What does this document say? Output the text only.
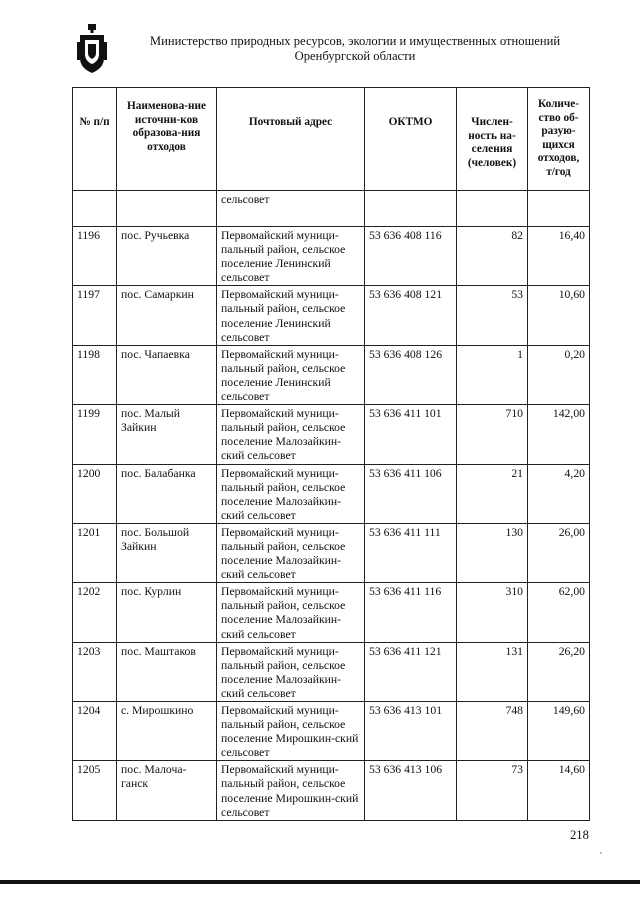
Министерство природных ресурсов, экологии и имущественных отношений
Оренбургской области
№ п/п	Наименова-ние источни-ков образова-ния отходов	Почтовый адрес	ОКТМО	Числен-ность на-селения (человек)	Количе-ство об-разую-щихся отходов, т/год
		сельсовет			
1196	пос. Ручьевка	Первомайский муници-пальный район, сельское поселение Ленинский сельсовет	53 636 408 116	82	16,40
1197	пос. Самаркин	Первомайский муници-пальный район, сельское поселение Ленинский сельсовет	53 636 408 121	53	10,60
1198	пос. Чапаевка	Первомайский муници-пальный район, сельское поселение Ленинский сельсовет	53 636 408 126	1	0,20
1199	пос. Малый Зайкин	Первомайский муници-пальный район, сельское поселение Малозайкин-ский сельсовет	53 636 411 101	710	142,00
1200	пос. Балабанка	Первомайский муници-пальный район, сельское поселение Малозайкин-ский сельсовет	53 636 411 106	21	4,20
1201	пос. Большой Зайкин	Первомайский муници-пальный район, сельское поселение Малозайкин-ский сельсовет	53 636 411 111	130	26,00
1202	пос. Курлин	Первомайский муници-пальный район, сельское поселение Малозайкин-ский сельсовет	53 636 411 116	310	62,00
1203	пос. Маштаков	Первомайский муници-пальный район, сельское поселение Малозайкин-ский сельсовет	53 636 411 121	131	26,20
1204	с. Мирошкино	Первомайский муници-пальный район, сельское поселение Мирошкин-ский сельсовет	53 636 413 101	748	149,60
1205	пос. Малоча-ганск	Первомайский муници-пальный район, сельское поселение Мирошкин-ский сельсовет	53 636 413 106	73	14,60
218
